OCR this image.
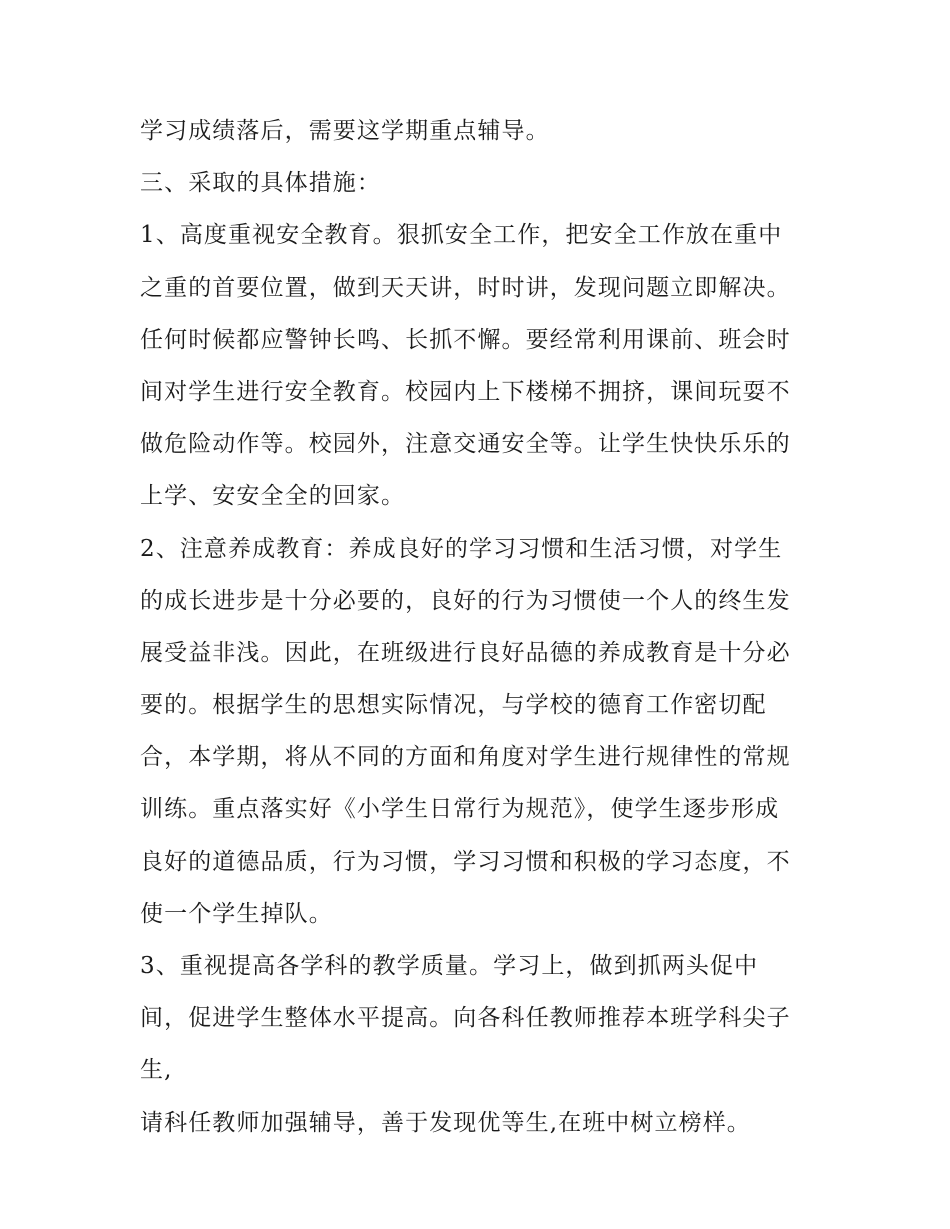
学习成绩落后，需要这学期重点辅导。
三、采取的具体措施：
1、高度重视安全教育。狠抓安全工作，把安全工作放在重中
之重的首要位置，做到天天讲，时时讲，发现问题立即解决。
任何时候都应警钟长鸣、长抓不懈。要经常利用课前、班会时
间对学生进行安全教育。校园内上下楼梯不拥挤，课间玩耍不
做危险动作等。校园外，注意交通安全等。让学生快快乐乐的
上学、安安全全的回家。
2、注意养成教育：养成良好的学习习惯和生活习惯，对学生
的成长进步是十分必要的，良好的行为习惯使一个人的终生发
展受益非浅。因此，在班级进行良好品德的养成教育是十分必
要的。根据学生的思想实际情况，与学校的德育工作密切配
合，本学期，将从不同的方面和角度对学生进行规律性的常规
训练。重点落实好《小学生日常行为规范》，使学生逐步形成
良好的道德品质，行为习惯，学习习惯和积极的学习态度，不
使一个学生掉队。
3、重视提高各学科的教学质量。学习上，做到抓两头促中
间，促进学生整体水平提高。向各科任教师推荐本班学科尖子
生,
请科任教师加强辅导，善于发现优等生,在班中树立榜样。
